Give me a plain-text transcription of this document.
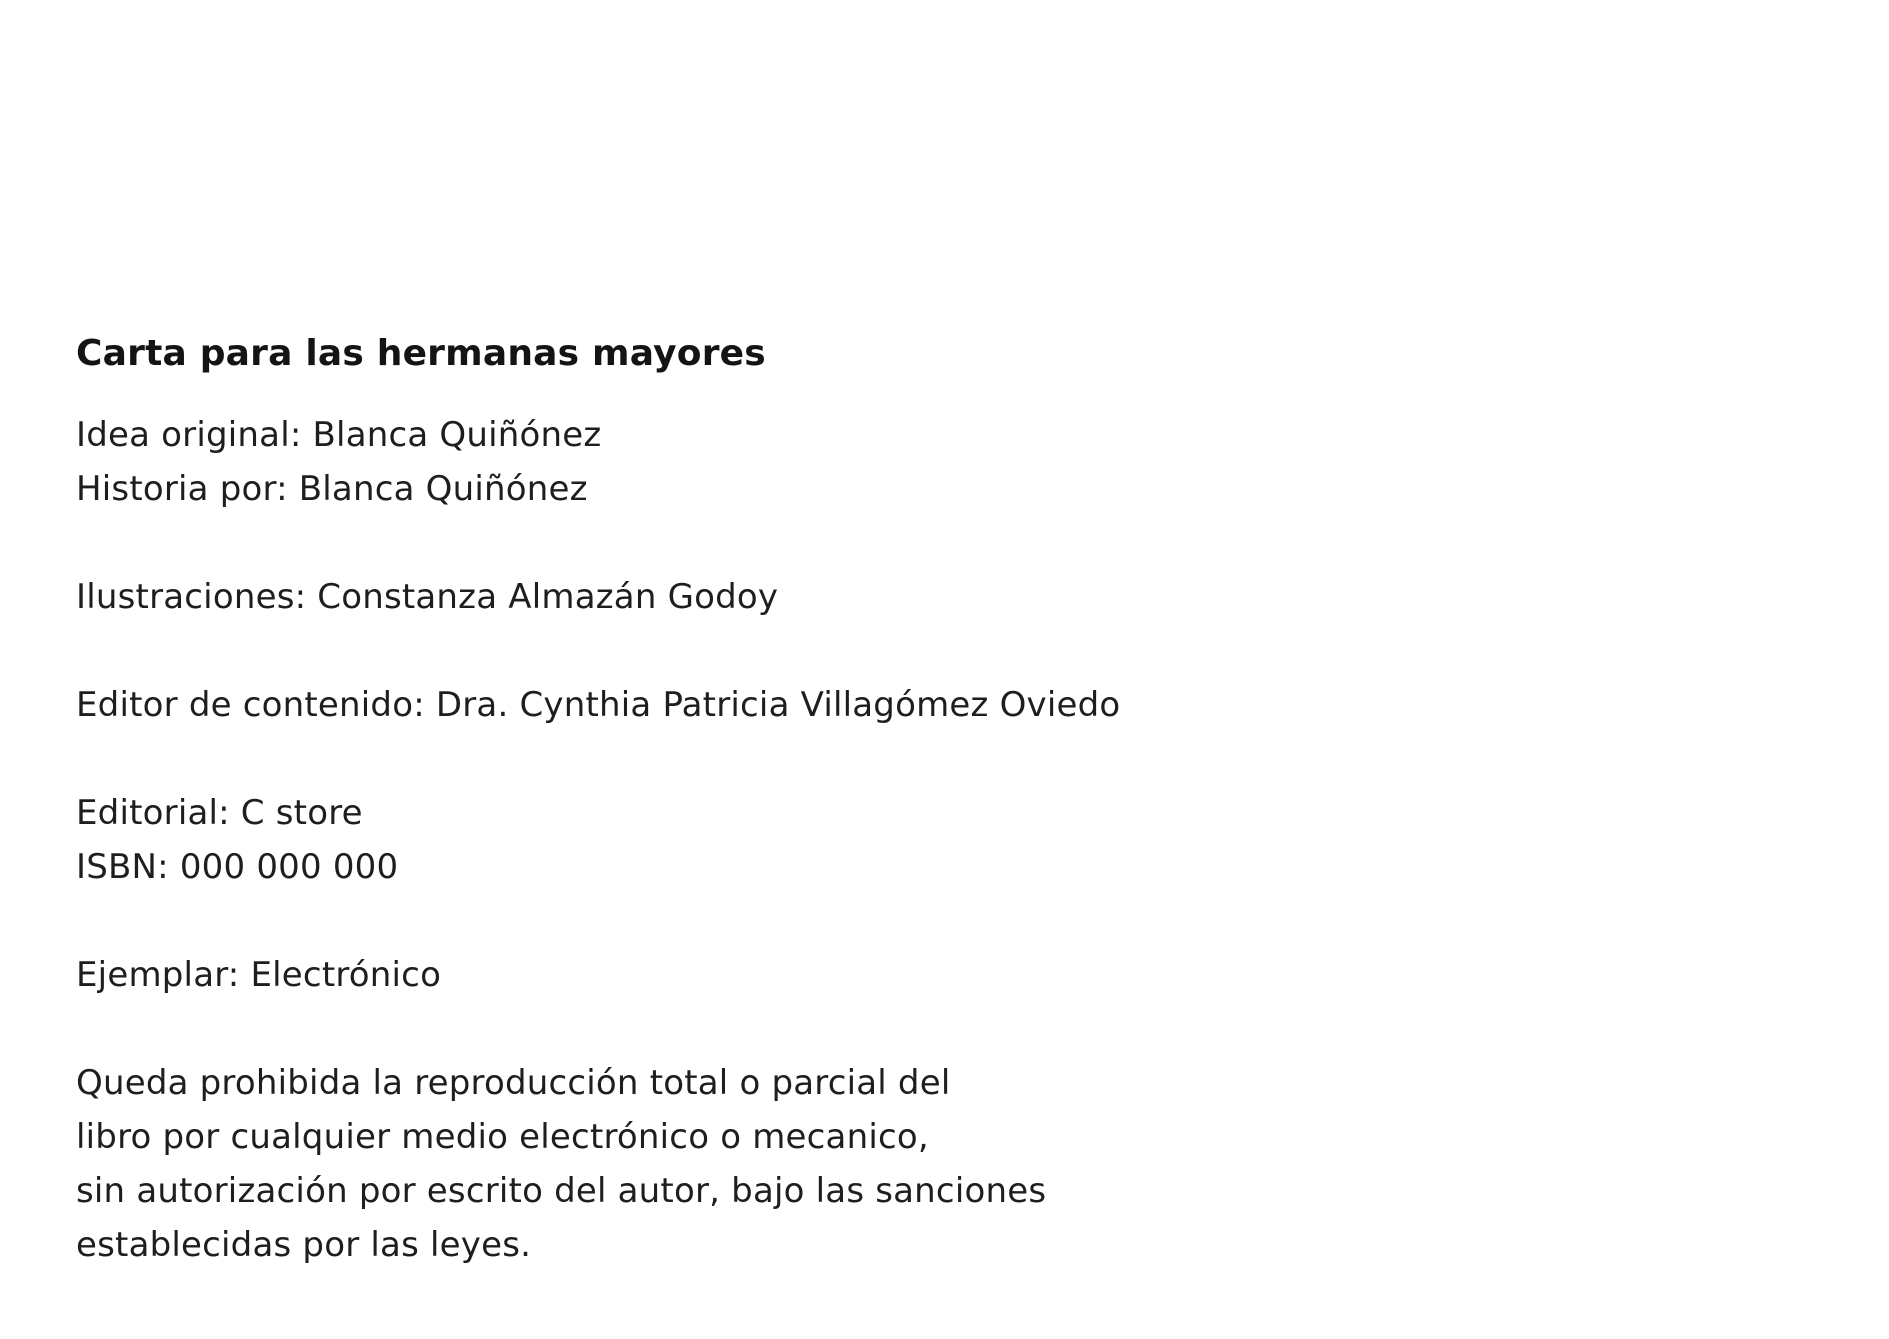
Carta para las hermanas mayores

Idea original: Blanca Quiñónez

Historia por: Blanca Quiñónez

Ilustraciones: Constanza Almazán Godoy

Editor de contenido: Dra. Cynthia Patricia Villagómez Oviedo

Editorial: C store

ISBN: 000 000 000

Ejemplar: Electrónico

Queda prohibida la reproducción total o parcial del

libro por cualquier medio electrónico o mecanico,

sin autorización por escrito del autor, bajo las sanciones

establecidas por las leyes.
